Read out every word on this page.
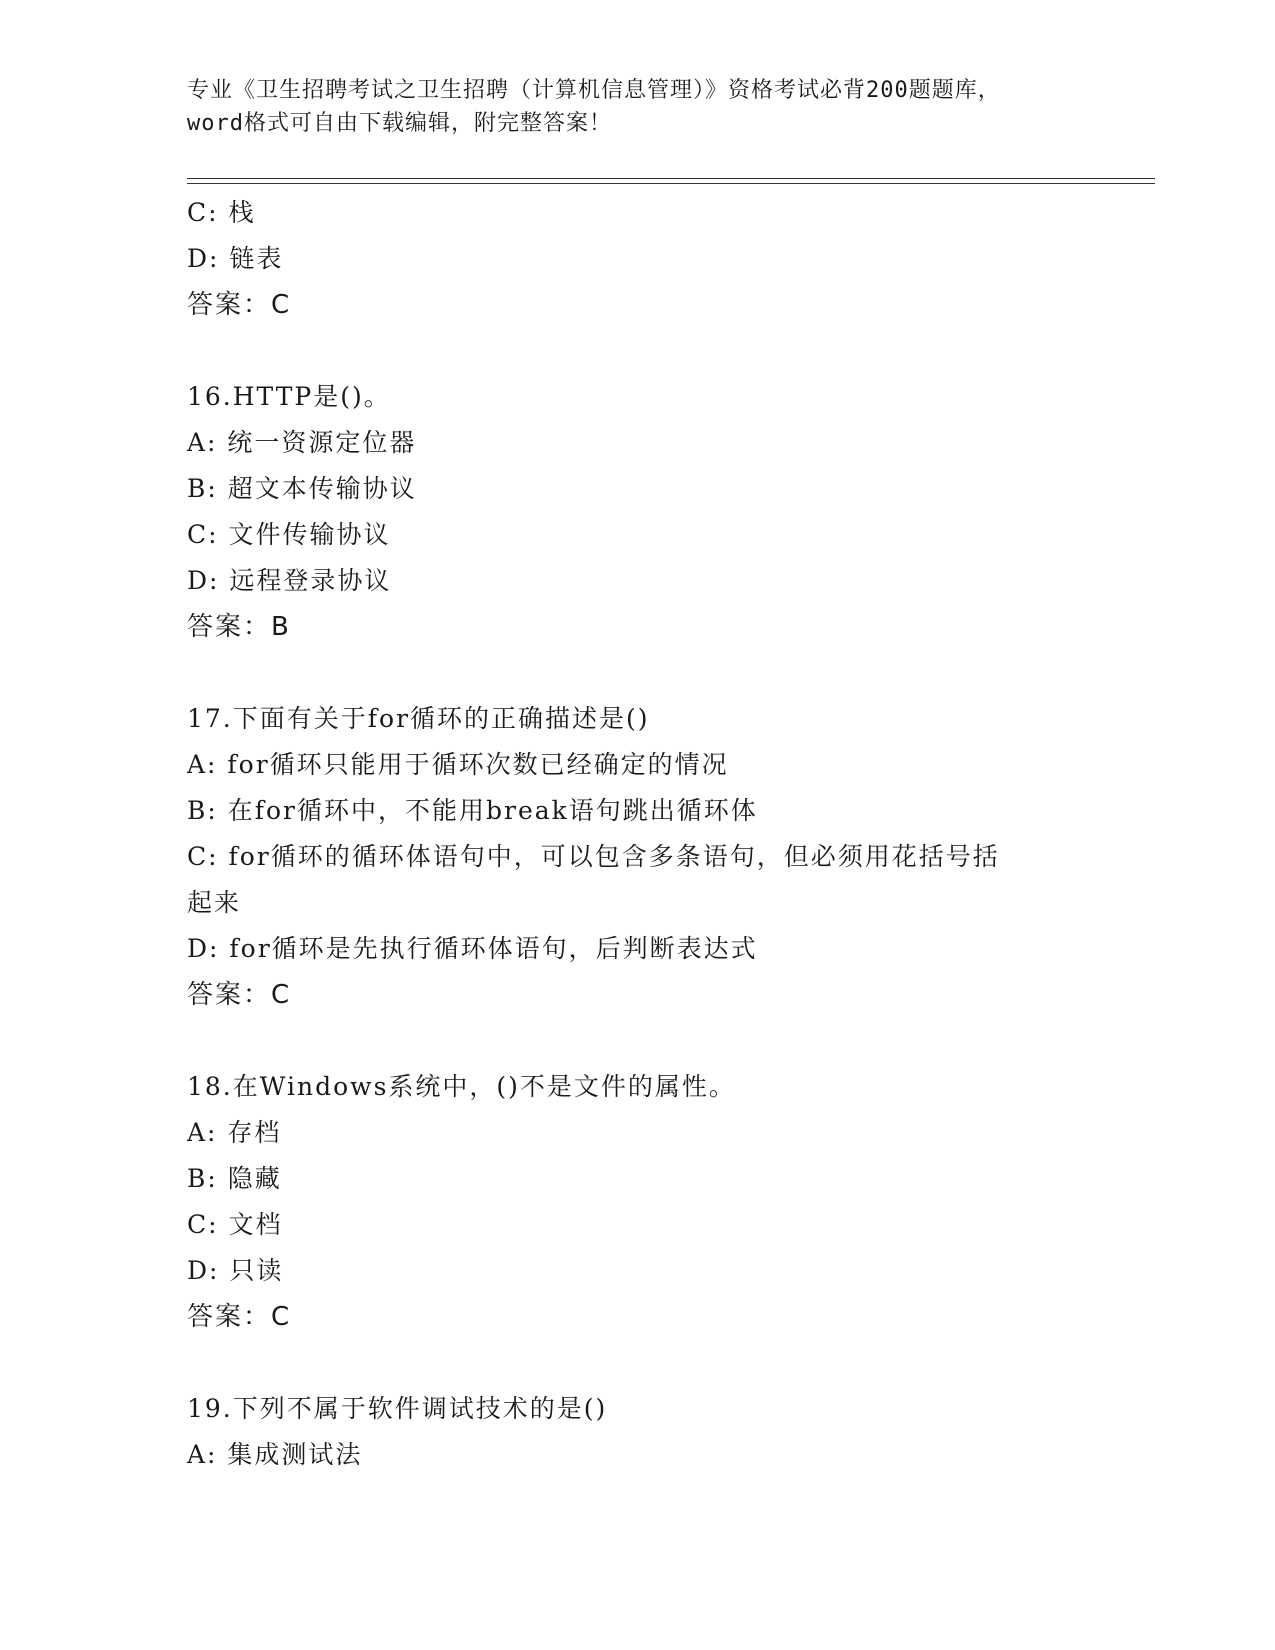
专业《卫生招聘考试之卫生招聘（计算机信息管理）》资格考试必背200题题库，
word格式可自由下载编辑，附完整答案！
C: 栈
D: 链表
答案：C
16.HTTP是()。
A: 统一资源定位器
B: 超文本传输协议
C: 文件传输协议
D: 远程登录协议
答案：B
17.下面有关于for循环的正确描述是()
A: for循环只能用于循环次数已经确定的情况
B: 在for循环中，不能用break语句跳出循环体
C: for循环的循环体语句中，可以包含多条语句，但必须用花括号括
起来
D: for循环是先执行循环体语句，后判断表达式
答案：C
18.在Windows系统中，()不是文件的属性。
A: 存档
B: 隐藏
C: 文档
D: 只读
答案：C
19.下列不属于软件调试技术的是()
A: 集成测试法
